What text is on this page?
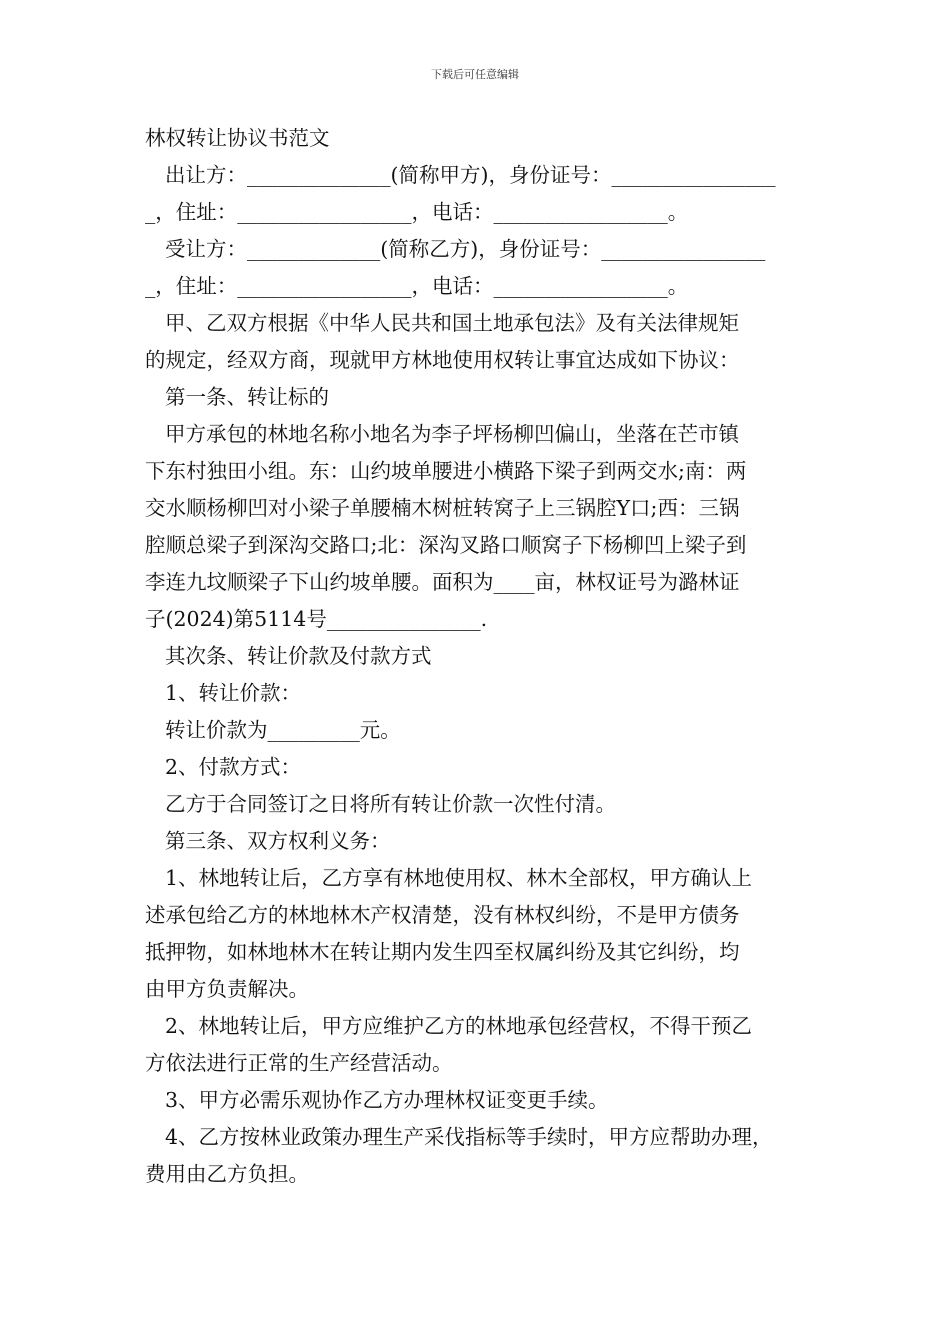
下载后可任意编辑

林权转让协议书范文

出让方：______________(简称甲方)，身份证号：________________

_，住址：_________________，电话：_________________。

受让方：_____________(简称乙方)，身份证号：________________

_，住址：_________________，电话：_________________。

甲、乙双方根据《中华人民共和国土地承包法》及有关法律规矩

的规定，经双方商，现就甲方林地使用权转让事宜达成如下协议：

第一条、转让标的

甲方承包的林地名称小地名为李子坪杨柳凹偏山，坐落在芒市镇

下东村独田小组。东：山约坡单腰进小横路下梁子到两交水;南：两

交水顺杨柳凹对小梁子单腰楠木树桩转窝子上三锅腔Y口;西：三锅

腔顺总梁子到深沟交路口;北：深沟叉路口顺窝子下杨柳凹上梁子到

李连九坟顺梁子下山约坡单腰。面积为____亩，林权证号为潞林证

子(2024)第5114号_______________.

其次条、转让价款及付款方式

1、转让价款：

转让价款为_________元。

2、付款方式：

乙方于合同签订之日将所有转让价款一次性付清。

第三条、双方权利义务：

1、林地转让后，乙方享有林地使用权、林木全部权，甲方确认上

述承包给乙方的林地林木产权清楚，没有林权纠纷，不是甲方债务

抵押物，如林地林木在转让期内发生四至权属纠纷及其它纠纷，均

由甲方负责解决。

2、林地转让后，甲方应维护乙方的林地承包经营权，不得干预乙

方依法进行正常的生产经营活动。

3、甲方必需乐观协作乙方办理林权证变更手续。

4、乙方按林业政策办理生产采伐指标等手续时，甲方应帮助办理，

费用由乙方负担。
